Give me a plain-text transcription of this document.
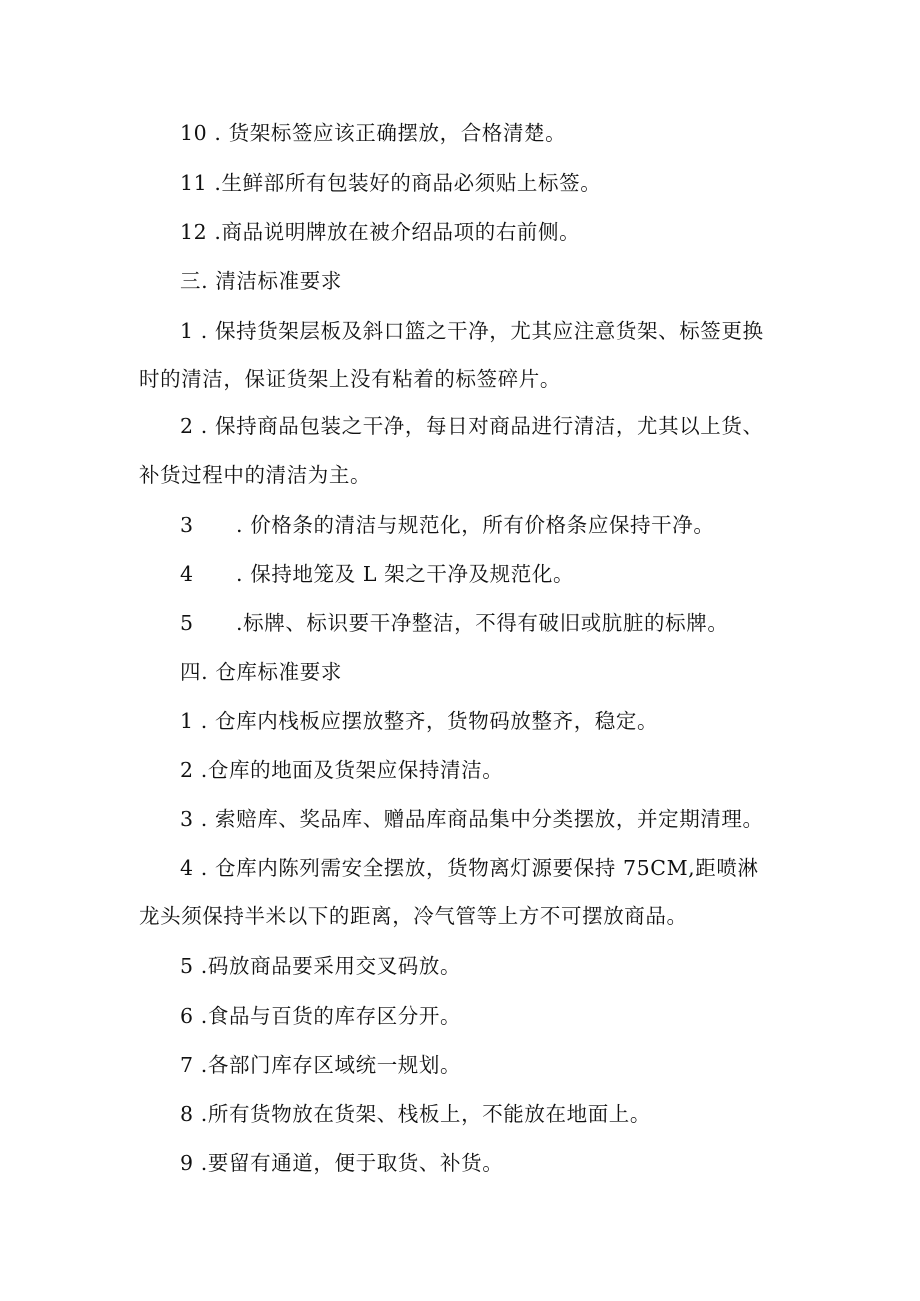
10 . 货架标签应该正确摆放，合格清楚。
11 .生鲜部所有包装好的商品必须贴上标签。
12 .商品说明牌放在被介绍品项的右前侧。
三. 清洁标准要求
1 . 保持货架层板及斜口篮之干净，尤其应注意货架、标签更换
时的清洁，保证货架上没有粘着的标签碎片。
2 . 保持商品包装之干净，每日对商品进行清洁，尤其以上货、
补货过程中的清洁为主。
3 . 价格条的清洁与规范化，所有价格条应保持干净。
4 . 保持地笼及 L 架之干净及规范化。
5 .标牌、标识要干净整洁，不得有破旧或肮脏的标牌。
四. 仓库标准要求
1 . 仓库内栈板应摆放整齐，货物码放整齐，稳定。
2 .仓库的地面及货架应保持清洁。
3 . 索赔库、奖品库、赠品库商品集中分类摆放，并定期清理。
4 . 仓库内陈列需安全摆放，货物离灯源要保持 75CM,距喷淋
龙头须保持半米以下的距离，冷气管等上方不可摆放商品。
5 .码放商品要采用交叉码放。
6 .食品与百货的库存区分开。
7 .各部门库存区域统一规划。
8 .所有货物放在货架、栈板上，不能放在地面上。
9 .要留有通道，便于取货、补货。
